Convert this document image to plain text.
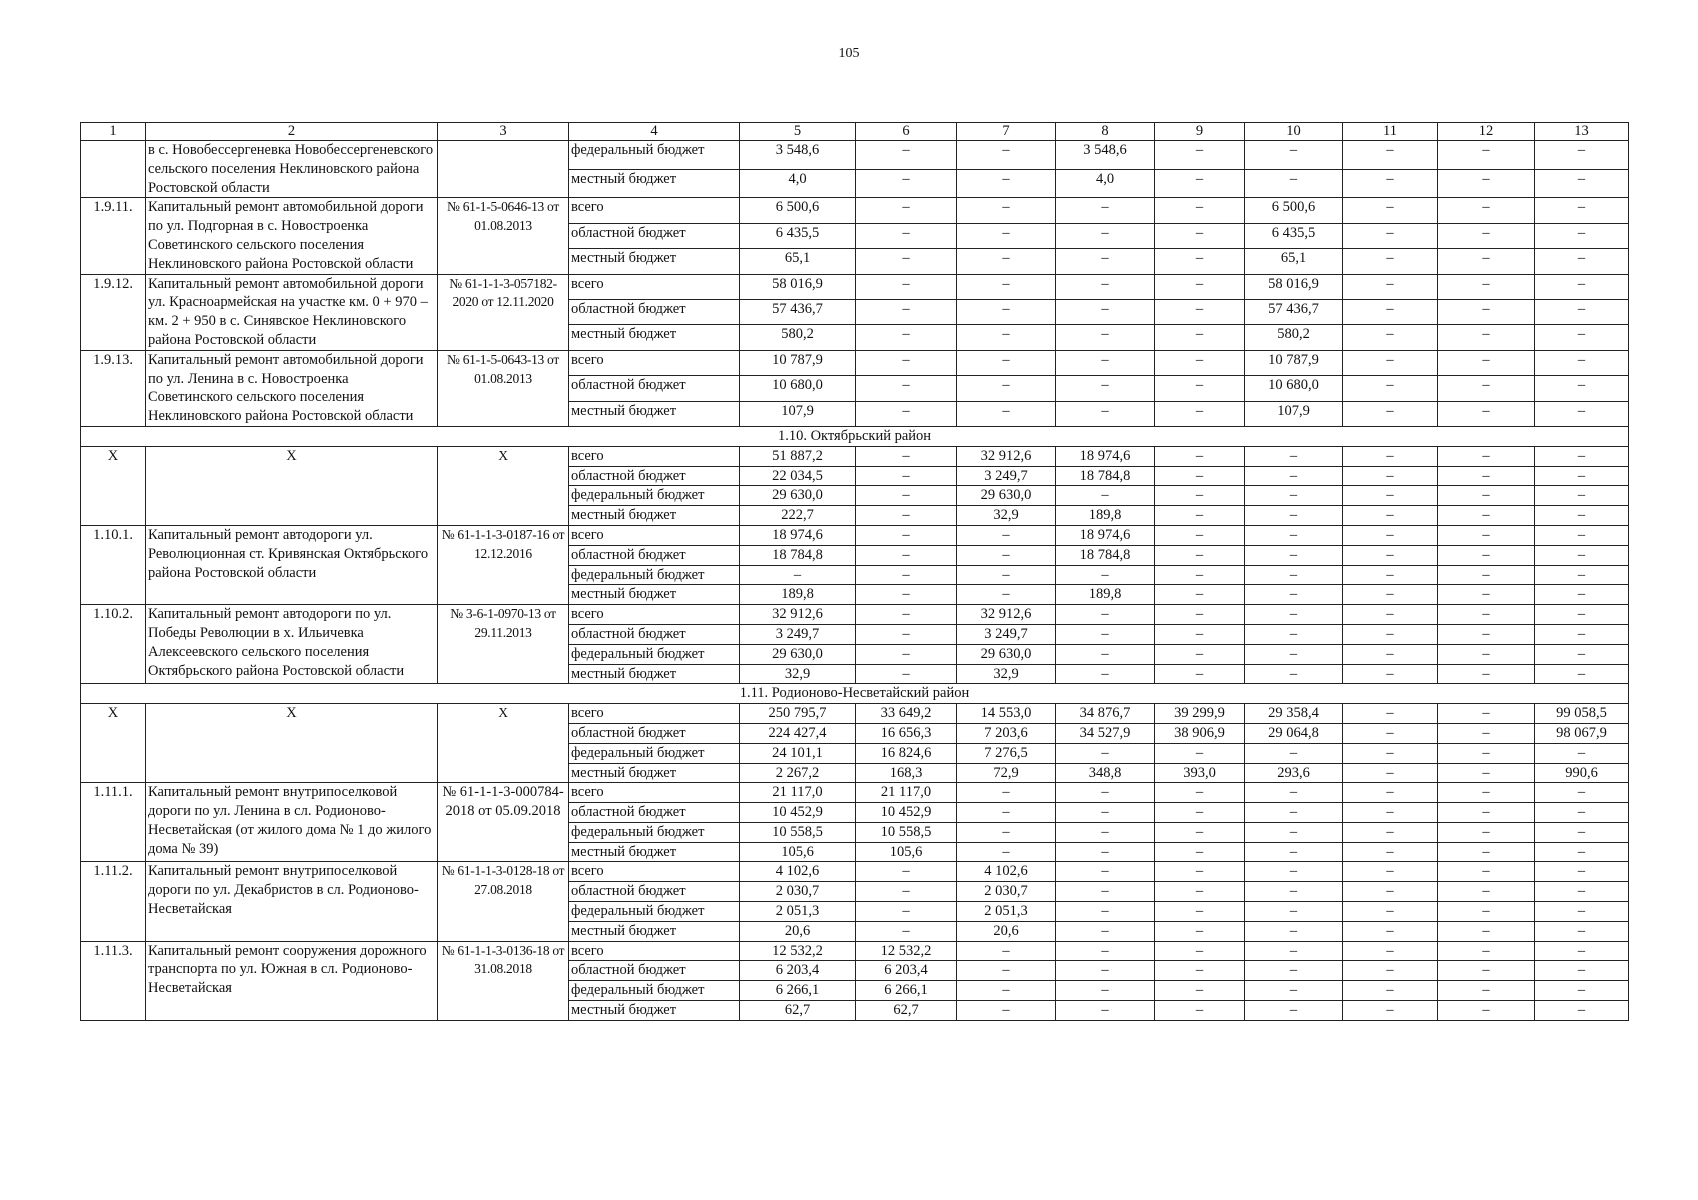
105
1	2	3	4	5	6	7	8	9	10	11	12	13
	в с. Новобессергеневка Новобессергеневского сельского поселения Неклиновского района Ростовской области		федеральный бюджет	3 548,6	–	–	3 548,6	–	–	–	–	–
			местный бюджет	4,0	–	–	4,0	–	–	–	–	–
1.9.11.	Капитальный ремонт автомобильной дороги по ул. Подгорная в с. Новостроенка Советинского сельского поселения Неклиновского района Ростовской области	№ 61-1-5-0646-13 от 01.08.2013	всего	6 500,6	–	–	–	–	6 500,6	–	–	–
			областной бюджет	6 435,5	–	–	–	–	6 435,5	–	–	–
			местный бюджет	65,1	–	–	–	–	65,1	–	–	–
1.9.12.	Капитальный ремонт автомобильной дороги ул. Красноармейская на участке км. 0 + 970 – км. 2 + 950 в с. Синявское Неклиновского района Ростовской области	№ 61-1-1-3-057182-2020 от 12.11.2020	всего	58 016,9	–	–	–	–	58 016,9	–	–	–
			областной бюджет	57 436,7	–	–	–	–	57 436,7	–	–	–
			местный бюджет	580,2	–	–	–	–	580,2	–	–	–
1.9.13.	Капитальный ремонт автомобильной дороги по ул. Ленина в с. Новостроенка Советинского сельского поселения Неклиновского района Ростовской области	№ 61-1-5-0643-13 от 01.08.2013	всего	10 787,9	–	–	–	–	10 787,9	–	–	–
			областной бюджет	10 680,0	–	–	–	–	10 680,0	–	–	–
			местный бюджет	107,9	–	–	–	–	107,9	–	–	–
1.10. Октябрьский район												
X	X	X	всего	51 887,2	–	32 912,6	18 974,6	–	–	–	–	–
			областной бюджет	22 034,5	–	3 249,7	18 784,8	–	–	–	–	–
			федеральный бюджет	29 630,0	–	29 630,0	–	–	–	–	–	–
			местный бюджет	222,7	–	32,9	189,8	–	–	–	–	–
1.10.1.	Капитальный ремонт автодороги ул. Революционная ст. Кривянская Октябрьского района Ростовской области	№ 61-1-1-3-0187-16 от 12.12.2016	всего	18 974,6	–	–	18 974,6	–	–	–	–	–
			областной бюджет	18 784,8	–	–	18 784,8	–	–	–	–	–
			федеральный бюджет	–	–	–	–	–	–	–	–	–
			местный бюджет	189,8	–	–	189,8	–	–	–	–	–
1.10.2.	Капитальный ремонт автодороги по ул. Победы Революции в х. Ильичевка Алексеевского сельского поселения Октябрьского района Ростовской области	№ 3-6-1-0970-13 от 29.11.2013	всего	32 912,6	–	32 912,6	–	–	–	–	–	–
			областной бюджет	3 249,7	–	3 249,7	–	–	–	–	–	–
			федеральный бюджет	29 630,0	–	29 630,0	–	–	–	–	–	–
			местный бюджет	32,9	–	32,9	–	–	–	–	–	–
1.11. Родионово-Несветайский район												
X	X	X	всего	250 795,7	33 649,2	14 553,0	34 876,7	39 299,9	29 358,4	–	–	99 058,5
			областной бюджет	224 427,4	16 656,3	7 203,6	34 527,9	38 906,9	29 064,8	–	–	98 067,9
			федеральный бюджет	24 101,1	16 824,6	7 276,5	–	–	–	–	–	–
			местный бюджет	2 267,2	168,3	72,9	348,8	393,0	293,6	–	–	990,6
1.11.1.	Капитальный ремонт внутрипоселковой дороги по ул. Ленина в сл. Родионово-Несветайская (от жилого дома № 1 до жилого дома № 39)	№ 61-1-1-3-000784-2018 от 05.09.2018	всего	21 117,0	21 117,0	–	–	–	–	–	–	–
			областной бюджет	10 452,9	10 452,9	–	–	–	–	–	–	–
			федеральный бюджет	10 558,5	10 558,5	–	–	–	–	–	–	–
			местный бюджет	105,6	105,6	–	–	–	–	–	–	–
1.11.2.	Капитальный ремонт внутрипоселковой дороги по ул. Декабристов в сл. Родионово-Несветайская	№ 61-1-1-3-0128-18 от 27.08.2018	всего	4 102,6	–	4 102,6	–	–	–	–	–	–
			областной бюджет	2 030,7	–	2 030,7	–	–	–	–	–	–
			федеральный бюджет	2 051,3	–	2 051,3	–	–	–	–	–	–
			местный бюджет	20,6	–	20,6	–	–	–	–	–	–
1.11.3.	Капитальный ремонт сооружения дорожного транспорта по ул. Южная в сл. Родионово-Несветайская	№ 61-1-1-3-0136-18 от 31.08.2018	всего	12 532,2	12 532,2	–	–	–	–	–	–	–
			областной бюджет	6 203,4	6 203,4	–	–	–	–	–	–	–
			федеральный бюджет	6 266,1	6 266,1	–	–	–	–	–	–	–
			местный бюджет	62,7	62,7	–	–	–	–	–	–	–
